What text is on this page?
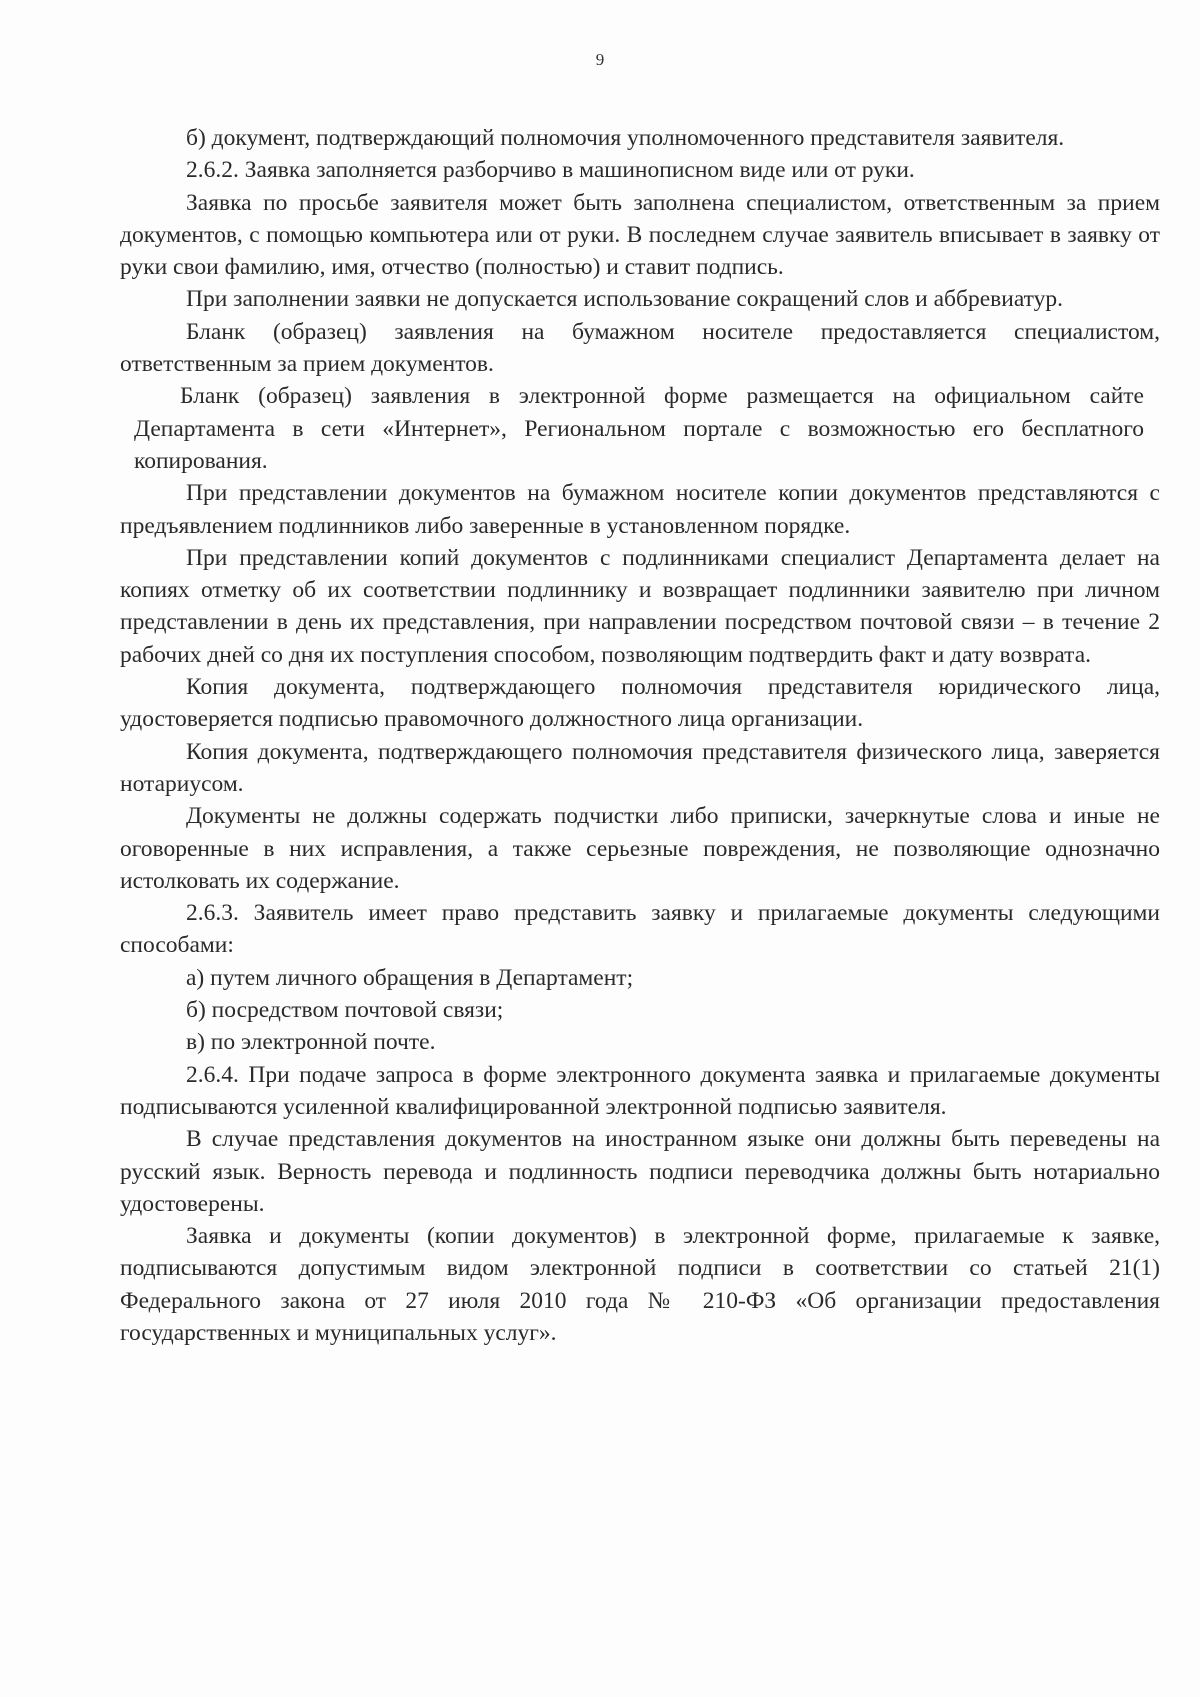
9

б) документ, подтверждающий полномочия уполномоченного представителя заявителя.

2.6.2. Заявка заполняется разборчиво в машинописном виде или от руки.

Заявка по просьбе заявителя может быть заполнена специалистом, ответственным за прием документов, с помощью компьютера или от руки. В последнем случае заявитель вписывает в заявку от руки свои фамилию, имя, отчество (полностью) и ставит подпись.

При заполнении заявки не допускается использование сокращений слов и аббревиатур.

Бланк (образец) заявления на бумажном носителе предоставляется специалистом, ответственным за прием документов.

Бланк (образец) заявления в электронной форме размещается на официальном сайте Департамента в сети «Интернет», Региональном портале с возможностью его бесплатного копирования.

При представлении документов на бумажном носителе копии документов представляются с предъявлением подлинников либо заверенные в установленном порядке.

При представлении копий документов с подлинниками специалист Департамента делает на копиях отметку об их соответствии подлиннику и возвращает подлинники заявителю при личном представлении в день их представления, при направлении посредством почтовой связи – в течение 2 рабочих дней со дня их поступления способом, позволяющим подтвердить факт и дату возврата.

Копия документа, подтверждающего полномочия представителя юридического лица, удостоверяется подписью правомочного должностного лица организации.

Копия документа, подтверждающего полномочия представителя физического лица, заверяется нотариусом.

Документы не должны содержать подчистки либо приписки, зачеркнутые слова и иные не оговоренные в них исправления, а также серьезные повреждения, не позволяющие однозначно истолковать их содержание.

2.6.3. Заявитель имеет право представить заявку и прилагаемые документы следующими способами:

а) путем личного обращения в Департамент;

б) посредством почтовой связи;

в) по электронной почте.

2.6.4. При подаче запроса в форме электронного документа заявка и прилагаемые документы подписываются усиленной квалифицированной электронной подписью заявителя.

В случае представления документов на иностранном языке они должны быть переведены на русский язык. Верность перевода и подлинность подписи переводчика должны быть нотариально удостоверены.

Заявка и документы (копии документов) в электронной форме, прилагаемые к заявке, подписываются допустимым видом электронной подписи в соответствии со статьей 21(1) Федерального закона от 27 июля 2010 года № 210-ФЗ «Об организации предоставления государственных и муниципальных услуг».
